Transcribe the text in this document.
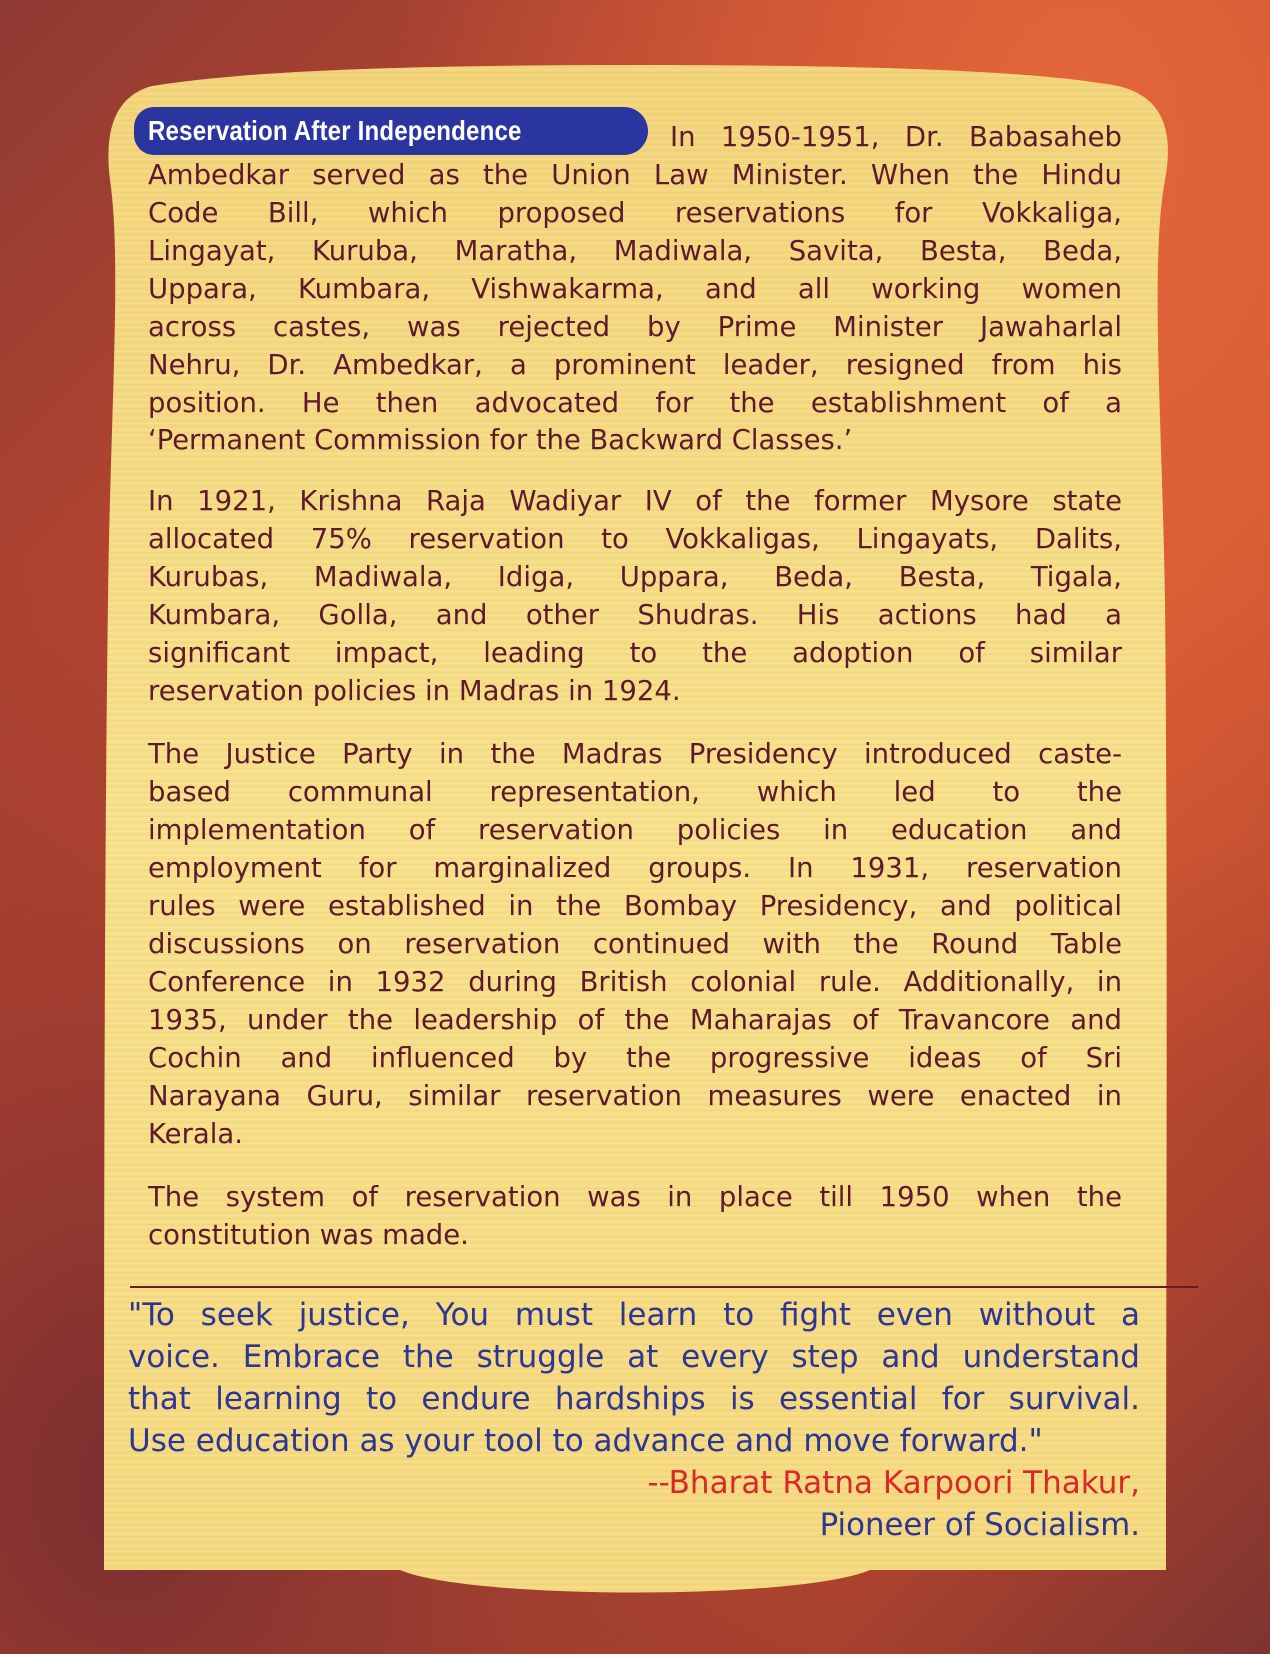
Reservation After Independence	In 1950-1951, Dr. Babasaheb
Ambedkar served as the Union Law Minister. When the Hindu
Code Bill, which proposed reservations for Vokkaliga,
Lingayat, Kuruba, Maratha, Madiwala, Savita, Besta, Beda,
Uppara, Kumbara, Vishwakarma, and all working women
across castes, was rejected by Prime Minister Jawaharlal
Nehru, Dr. Ambedkar, a prominent leader, resigned from his
position. He then advocated for the establishment of a
‘Permanent Commission for the Backward Classes.’
In 1921, Krishna Raja Wadiyar IV of the former Mysore state
allocated 75% reservation to Vokkaligas, Lingayats, Dalits,
Kurubas, Madiwala, Idiga, Uppara, Beda, Besta, Tigala,
Kumbara, Golla, and other Shudras. His actions had a
significant impact, leading to the adoption of similar
reservation policies in Madras in 1924.
The Justice Party in the Madras Presidency introduced caste-
based communal representation, which led to the
implementation of reservation policies in education and
employment for marginalized groups. In 1931, reservation
rules were established in the Bombay Presidency, and political
discussions on reservation continued with the Round Table
Conference in 1932 during British colonial rule. Additionally, in
1935, under the leadership of the Maharajas of Travancore and
Cochin and influenced by the progressive ideas of Sri
Narayana Guru, similar reservation measures were enacted in
Kerala.
The system of reservation was in place till 1950 when the
constitution was made.
"To seek justice, You must learn to fight even without a
voice. Embrace the struggle at every step and understand
that learning to endure hardships is essential for survival.
Use education as your tool to advance and move forward."
--Bharat Ratna Karpoori Thakur,
Pioneer of Socialism.
